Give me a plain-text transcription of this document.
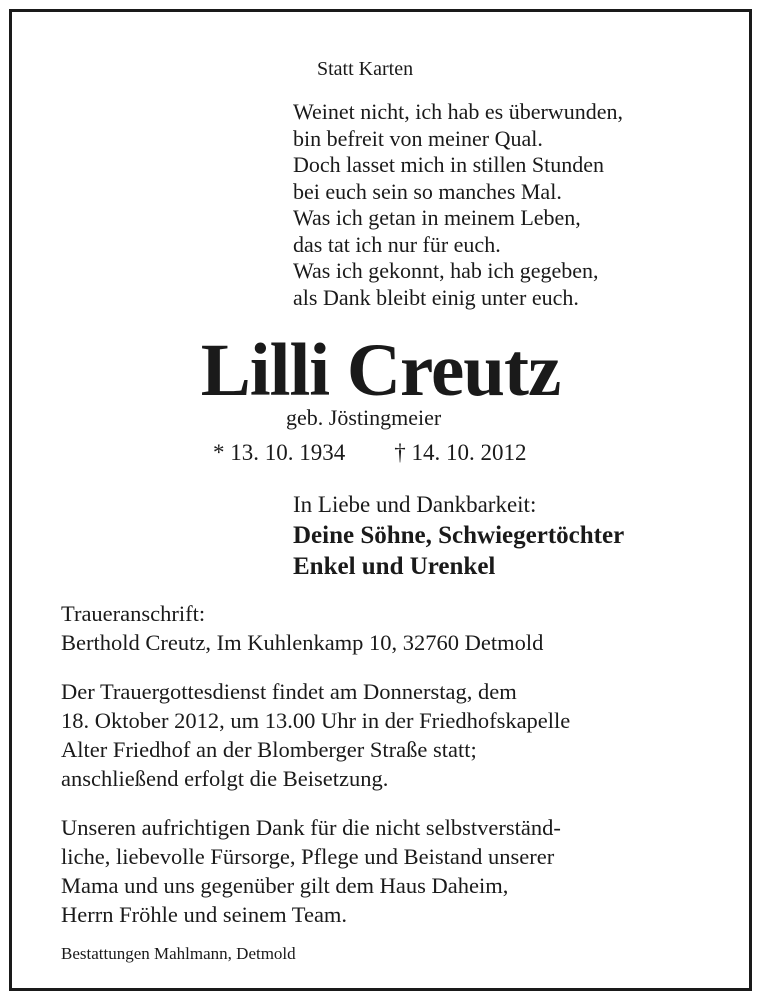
Statt Karten
Weinet nicht, ich hab es überwunden,
bin befreit von meiner Qual.
Doch lasset mich in stillen Stunden
bei euch sein so manches Mal.
Was ich getan in meinem Leben,
das tat ich nur für euch.
Was ich gekonnt, hab ich gegeben,
als Dank bleibt einig unter euch.
Lilli Creutz
geb. Jöstingmeier
* 13. 10. 1934 † 14. 10. 2012
In Liebe und Dankbarkeit:
Deine Söhne, Schwiegertöchter
Enkel und Urenkel
Traueranschrift:
Berthold Creutz, Im Kuhlenkamp 10, 32760 Detmold
Der Trauergottesdienst findet am Donnerstag, dem
18. Oktober 2012, um 13.00 Uhr in der Friedhofskapelle
Alter Friedhof an der Blomberger Straße statt;
anschließend erfolgt die Beisetzung.
Unseren aufrichtigen Dank für die nicht selbstverständ-
liche, liebevolle Fürsorge, Pflege und Beistand unserer
Mama und uns gegenüber gilt dem Haus Daheim,
Herrn Fröhle und seinem Team.
Bestattungen Mahlmann, Detmold
